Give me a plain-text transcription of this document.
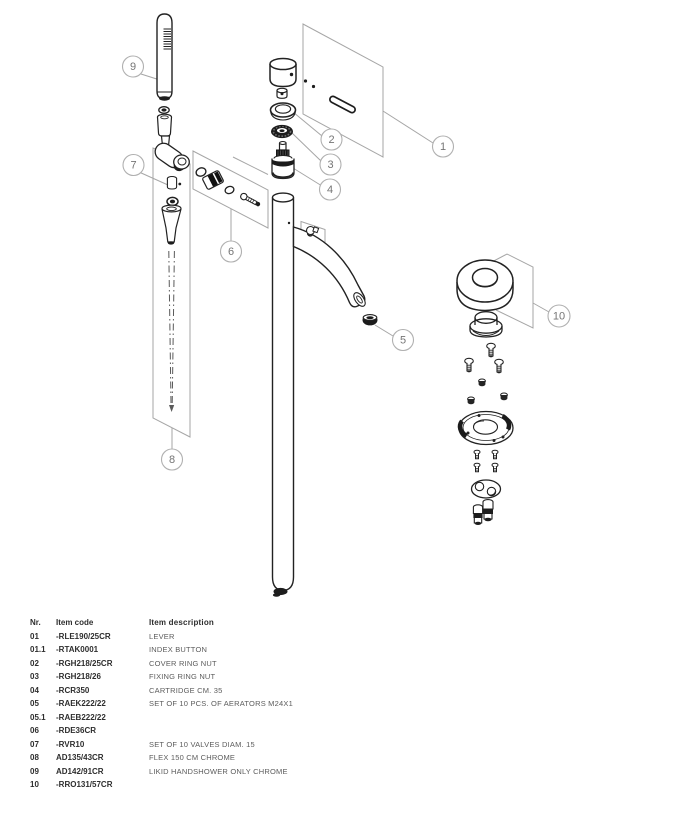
1
2
3
4
5
6
7
8
9
10
Nr.	Item code	Item description
01	-RLE190/25CR	LEVER
01.1	-RTAK0001	INDEX BUTTON
02	-RGH218/25CR	COVER RING NUT
03	-RGH218/26	FIXING RING NUT
04	-RCR350	CARTRIDGE CM. 35
05	-RAEK222/22	SET OF 10 PCS. OF AERATORS M24X1
05.1	-RAEB222/22
06	-RDE36CR
07	-RVR10	SET OF 10 VALVES DIAM. 15
08	AD135/43CR	FLEX 150 CM CHROME
09	AD142/91CR	LIKID HANDSHOWER ONLY CHROME
10	-RRO131/57CR
